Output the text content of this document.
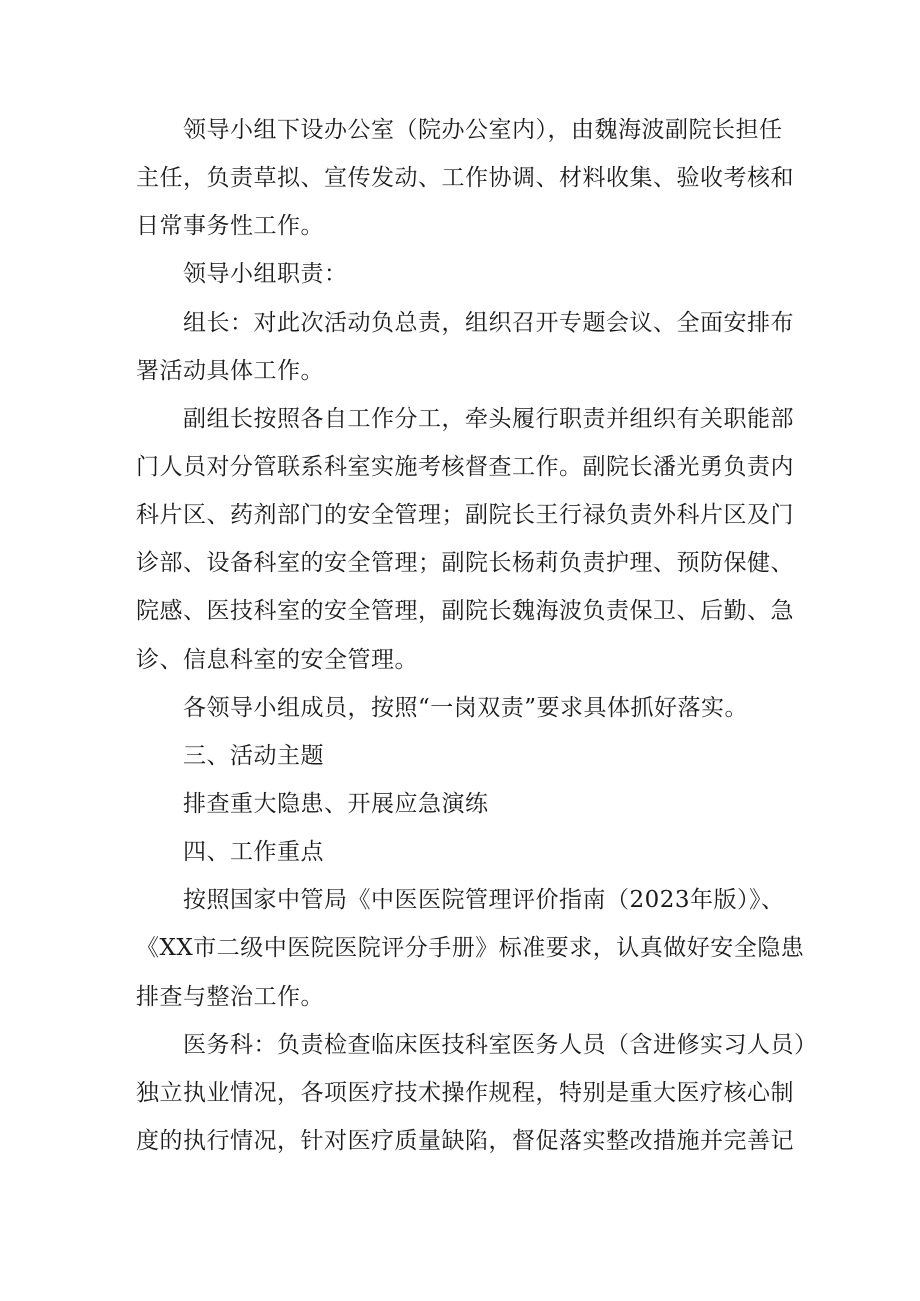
领导小组下设办公室（院办公室内），由魏海波副院长担任
主任，负责草拟、宣传发动、工作协调、材料收集、验收考核和
日常事务性工作。
领导小组职责：
组长：对此次活动负总责，组织召开专题会议、全面安排布
署活动具体工作。
副组长按照各自工作分工，牵头履行职责并组织有关职能部
门人员对分管联系科室实施考核督查工作。副院长潘光勇负责内
科片区、药剂部门的安全管理；副院长王行禄负责外科片区及门
诊部、设备科室的安全管理；副院长杨莉负责护理、预防保健、
院感、医技科室的安全管理，副院长魏海波负责保卫、后勤、急
诊、信息科室的安全管理。
各领导小组成员，按照“一岗双责”要求具体抓好落实。
三、活动主题
排查重大隐患、开展应急演练
四、工作重点
按照国家中管局《中医医院管理评价指南（2023年版）》、
《XX市二级中医院医院评分手册》标准要求，认真做好安全隐患
排查与整治工作。
医务科：负责检查临床医技科室医务人员（含进修实习人员）
独立执业情况，各项医疗技术操作规程，特别是重大医疗核心制
度的执行情况，针对医疗质量缺陷，督促落实整改措施并完善记
